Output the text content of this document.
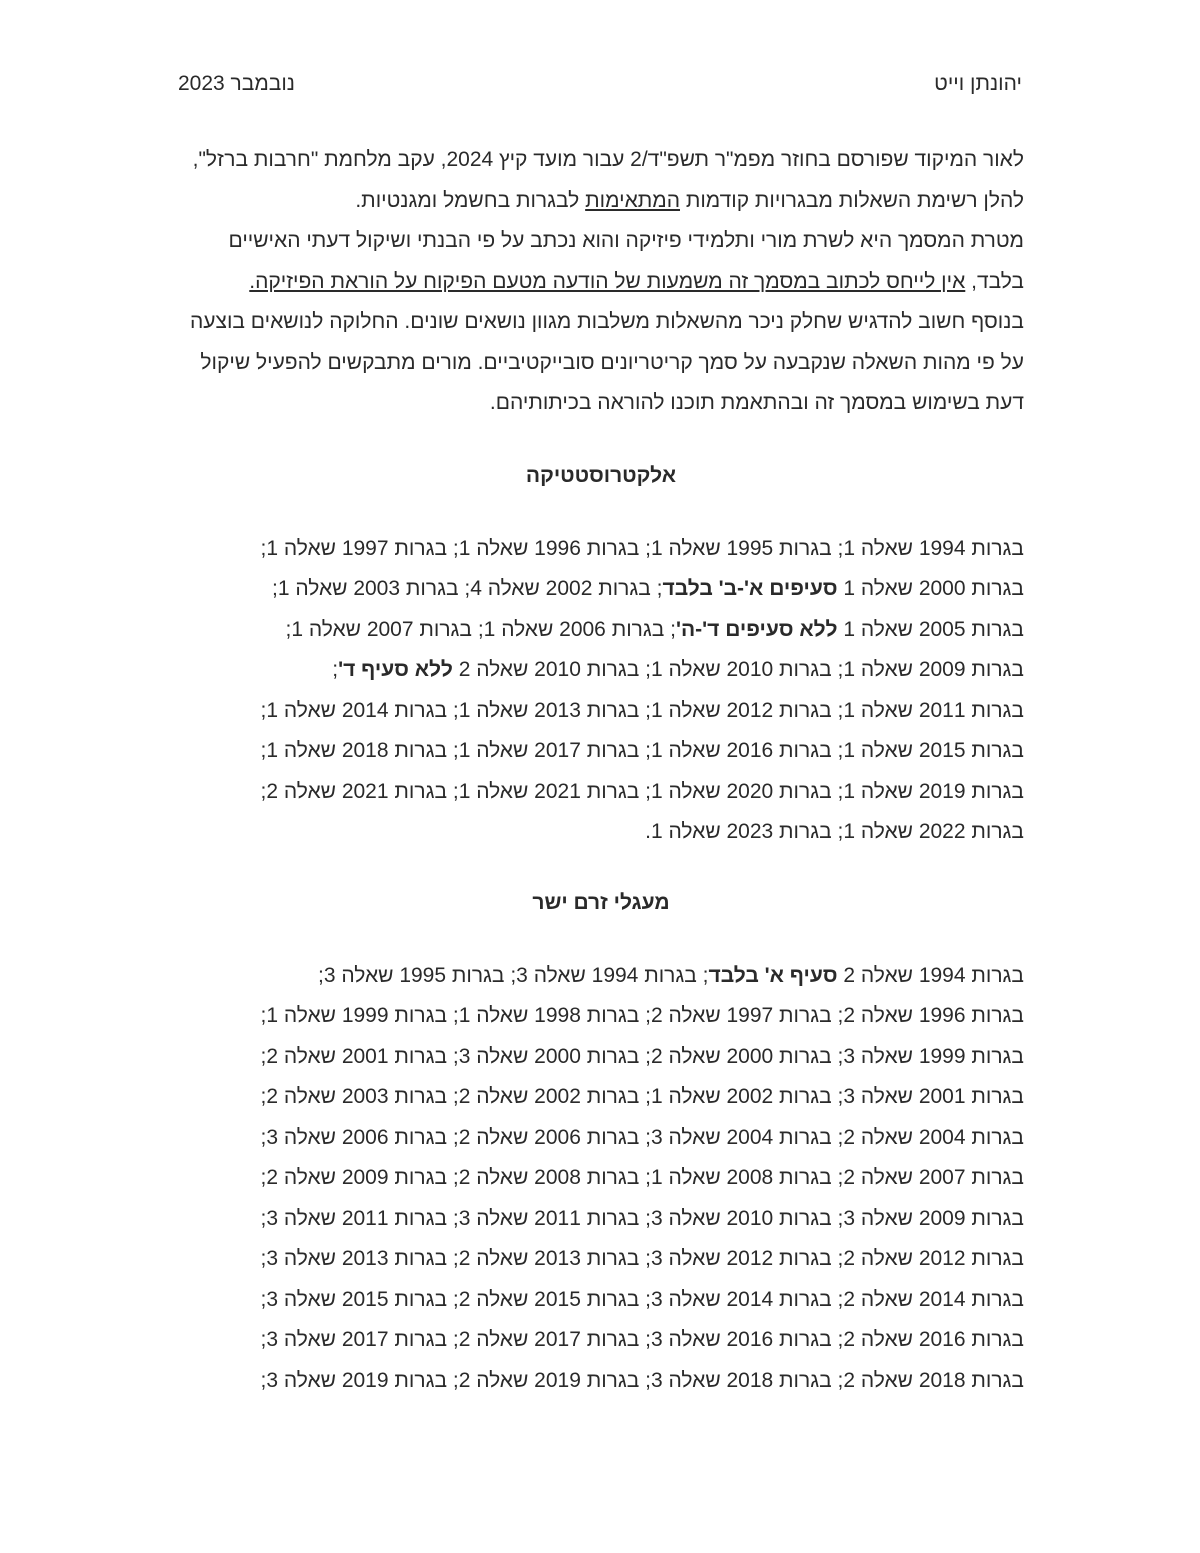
יהונתן וייט
נובמבר 2023

לאור המיקוד שפורסם בחוזר מפמ"ר תשפ"ד/2 עבור מועד קיץ 2024, עקב מלחמת "חרבות ברזל", להלן רשימת השאלות מבגרויות קודמות המתאימות לבגרות בחשמל ומגנטיות.

מטרת המסמך היא לשרת מורי ותלמידי פיזיקה והוא נכתב על פי הבנתי ושיקול דעתי האישיים בלבד, אין לייחס לכתוב במסמך זה משמעות של הודעה מטעם הפיקוח על הוראת הפיזיקה.

בנוסף חשוב להדגיש שחלק ניכר מהשאלות משלבות מגוון נושאים שונים. החלוקה לנושאים בוצעה על פי מהות השאלה שנקבעה על סמך קריטריונים סובייקטיביים. מורים מתבקשים להפעיל שיקול דעת בשימוש במסמך זה ובהתאמת תוכנו להוראה בכיתותיהם.

אלקטרוסטטיקה
בגרות 1994 שאלה 1; בגרות 1995 שאלה 1; בגרות 1996 שאלה 1; בגרות 1997 שאלה 1;
בגרות 2000 שאלה 1 סעיפים א'-ב' בלבד; בגרות 2002 שאלה 4; בגרות 2003 שאלה 1;
בגרות 2005 שאלה 1 ללא סעיפים ד'-ה'; בגרות 2006 שאלה 1; בגרות 2007 שאלה 1;
בגרות 2009 שאלה 1; בגרות 2010 שאלה 1; בגרות 2010 שאלה 2 ללא סעיף ד';
בגרות 2011 שאלה 1; בגרות 2012 שאלה 1; בגרות 2013 שאלה 1; בגרות 2014 שאלה 1;
בגרות 2015 שאלה 1; בגרות 2016 שאלה 1; בגרות 2017 שאלה 1; בגרות 2018 שאלה 1;
בגרות 2019 שאלה 1; בגרות 2020 שאלה 1; בגרות 2021 שאלה 1; בגרות 2021 שאלה 2;
בגרות 2022 שאלה 1; בגרות 2023 שאלה 1.
מעגלי זרם ישר
בגרות 1994 שאלה 2 סעיף א' בלבד; בגרות 1994 שאלה 3; בגרות 1995 שאלה 3;
בגרות 1996 שאלה 2; בגרות 1997 שאלה 2; בגרות 1998 שאלה 1; בגרות 1999 שאלה 1;
בגרות 1999 שאלה 3; בגרות 2000 שאלה 2; בגרות 2000 שאלה 3; בגרות 2001 שאלה 2;
בגרות 2001 שאלה 3; בגרות 2002 שאלה 1; בגרות 2002 שאלה 2; בגרות 2003 שאלה 2;
בגרות 2004 שאלה 2; בגרות 2004 שאלה 3; בגרות 2006 שאלה 2; בגרות 2006 שאלה 3;
בגרות 2007 שאלה 2; בגרות 2008 שאלה 1; בגרות 2008 שאלה 2; בגרות 2009 שאלה 2;
בגרות 2009 שאלה 3; בגרות 2010 שאלה 3; בגרות 2011 שאלה 3; בגרות 2011 שאלה 3;
בגרות 2012 שאלה 2; בגרות 2012 שאלה 3; בגרות 2013 שאלה 2; בגרות 2013 שאלה 3;
בגרות 2014 שאלה 2; בגרות 2014 שאלה 3; בגרות 2015 שאלה 2; בגרות 2015 שאלה 3;
בגרות 2016 שאלה 2; בגרות 2016 שאלה 3; בגרות 2017 שאלה 2; בגרות 2017 שאלה 3;
בגרות 2018 שאלה 2; בגרות 2018 שאלה 3; בגרות 2019 שאלה 2; בגרות 2019 שאלה 3;
